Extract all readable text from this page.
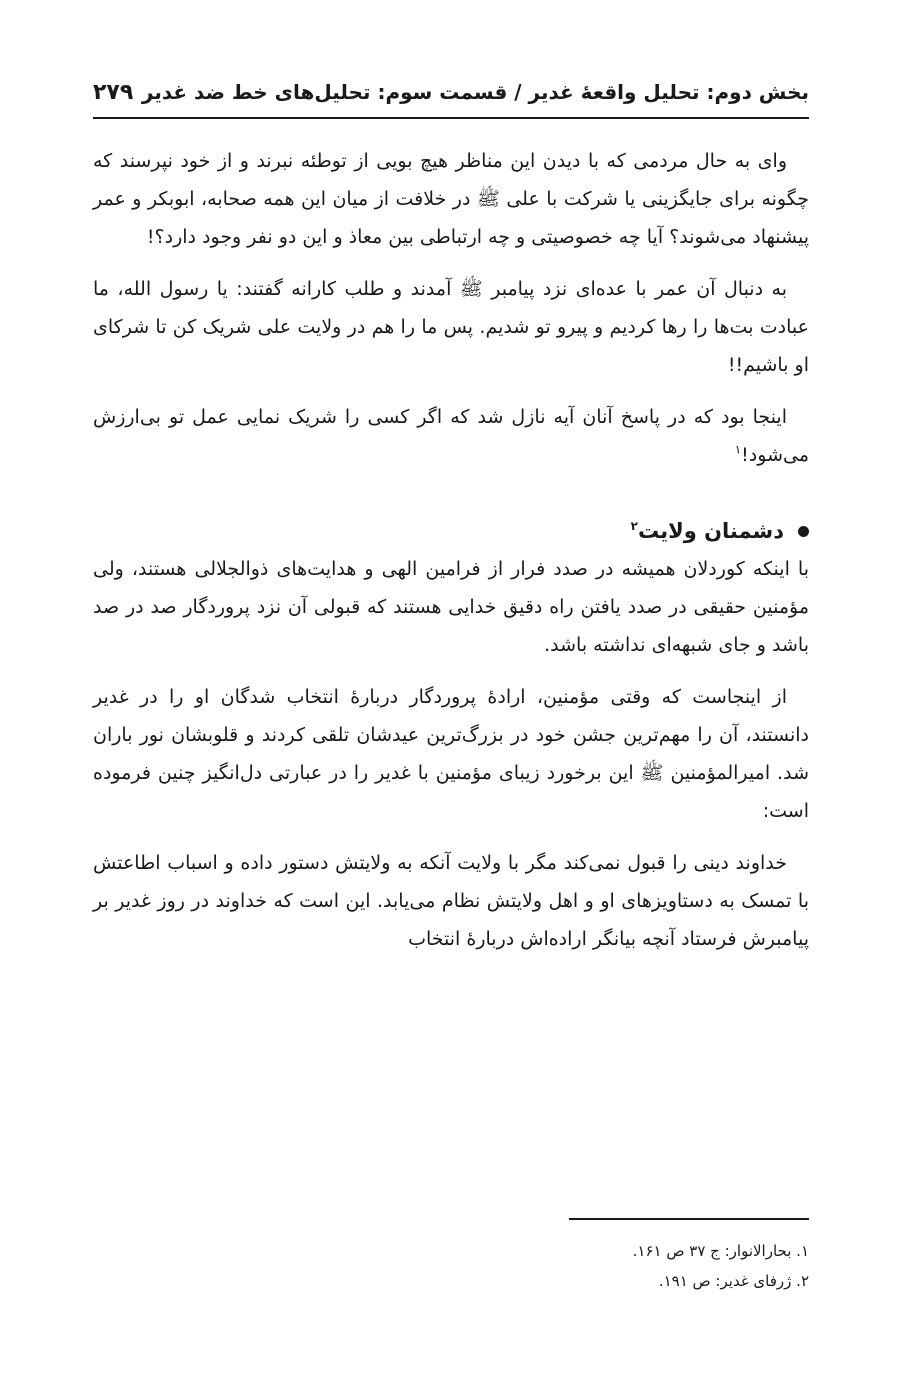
بخش دوم: تحلیل واقعهٔ غدیر / قسمت سوم: تحلیل‌های خط ضد غدیر
۲۷۹

وای به حال مردمی که با دیدن این مناظر هیچ بویی از توطئه نبرند و از خود نپرسند که چگونه برای جایگزینی یا شرکت با علی ﷺ در خلافت از میان این همه صحابه، ابوبکر و عمر پیشنهاد می‌شوند؟ آیا چه خصوصیتی و چه ارتباطی بین معاذ و این دو نفر وجود دارد؟!

به دنبال آن عمر با عده‌ای نزد پیامبر ﷺ آمدند و طلب کارانه گفتند: یا رسول الله، ما عبادت بت‌ها را رها کردیم و پیرو تو شدیم. پس ما را هم در ولایت علی شریک کن تا شرکای او باشیم!!

اینجا بود که در پاسخ آنان آیه نازل شد که اگر کسی را شریک نمایی عمل تو بی‌ارزش می‌شود!$^۱$

دشمنان ولایت$^۲$

با اینکه کوردلان همیشه در صدد فرار از فرامین الهی و هدایت‌های ذوالجلالی هستند، ولی مؤمنین حقیقی در صدد یافتن راه دقیق خدایی هستند که قبولی آن نزد پروردگار صد در صد باشد و جای شبهه‌ای نداشته باشد.

از اینجاست که وقتی مؤمنین، ارادهٔ پروردگار دربارهٔ انتخاب شدگان او را در غدیر دانستند، آن را مهم‌ترین جشن خود در بزرگ‌ترین عیدشان تلقی کردند و قلوبشان نور باران شد. امیرالمؤمنین ﷺ این برخورد زیبای مؤمنین با غدیر را در عبارتی دل‌انگیز چنین فرموده است:

خداوند دینی را قبول نمی‌کند مگر با ولایت آنکه به ولایتش دستور داده و اسباب اطاعتش با تمسک به دستاویزهای او و اهل ولایتش نظام می‌یابد. این است که خداوند در روز غدیر بر پیامبرش فرستاد آنچه بیانگر اراده‌اش دربارهٔ انتخاب

۱. بحارالانوار: ج ۳۷ ص ۱۶۱.

۲. ژرفای غدیر: ص ۱۹۱.
